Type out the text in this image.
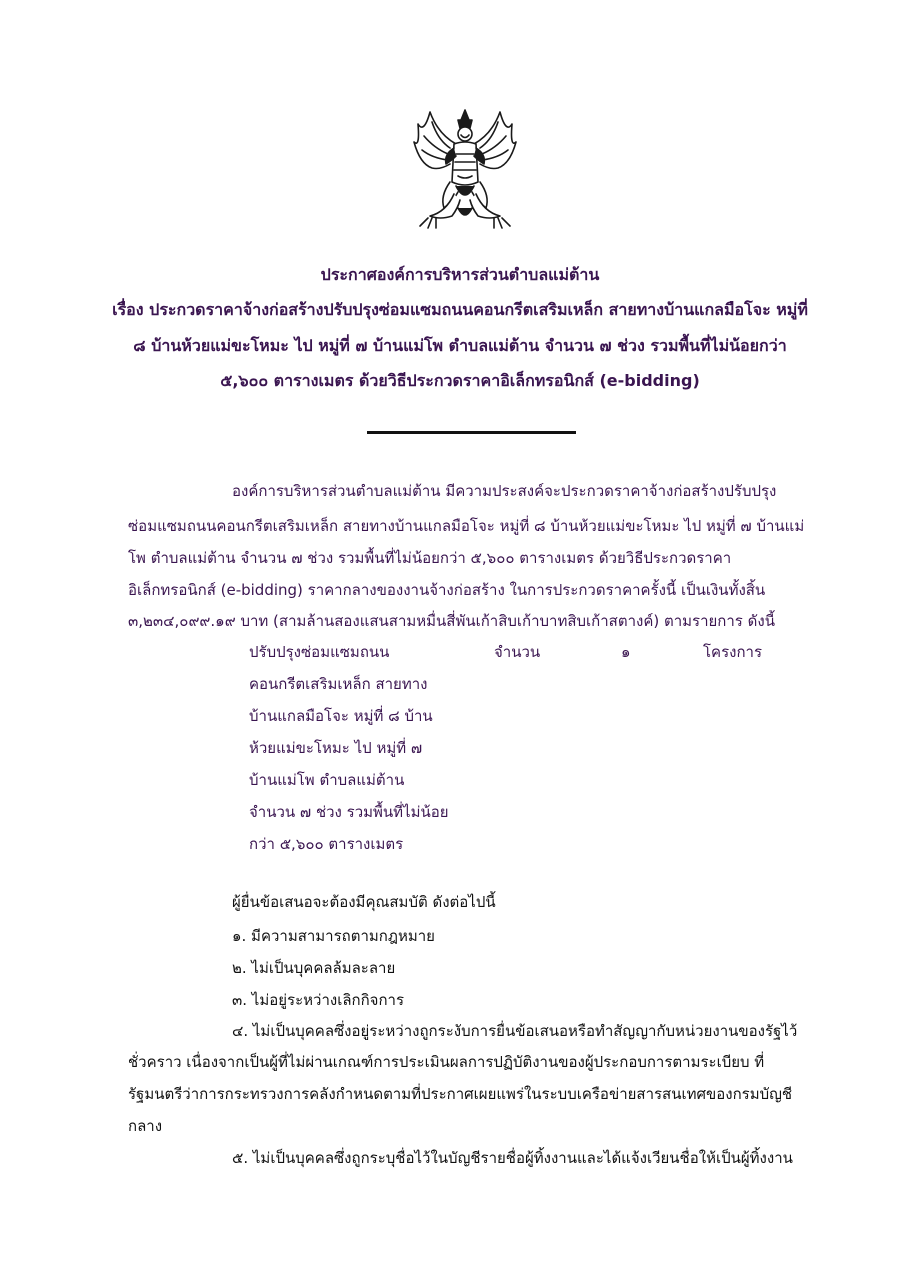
ประกาศองค์การบริหารส่วนตำบลแม่ต้าน
เรื่อง ประกวดราคาจ้างก่อสร้างปรับปรุงซ่อมแซมถนนคอนกรีตเสริมเหล็ก สายทางบ้านแกลมือโจะ หมู่ที่
๘ บ้านห้วยแม่ขะโหมะ ไป หมู่ที่ ๗ บ้านแม่โพ ตำบลแม่ต้าน จำนวน ๗ ช่วง รวมพื้นที่ไม่น้อยกว่า
๕,๖๐๐ ตารางเมตร ด้วยวิธีประกวดราคาอิเล็กทรอนิกส์ (e-bidding)
องค์การบริหารส่วนตำบลแม่ต้าน มีความประสงค์จะประกวดราคาจ้างก่อสร้างปรับปรุง
ซ่อมแซมถนนคอนกรีตเสริมเหล็ก สายทางบ้านแกลมือโจะ หมู่ที่ ๘ บ้านห้วยแม่ขะโหมะ ไป หมู่ที่ ๗ บ้านแม่
โพ ตำบลแม่ต้าน จำนวน ๗ ช่วง รวมพื้นที่ไม่น้อยกว่า ๕,๖๐๐ ตารางเมตร ด้วยวิธีประกวดราคา
อิเล็กทรอนิกส์ (e-bidding) ราคากลางของงานจ้างก่อสร้าง ในการประกวดราคาครั้งนี้ เป็นเงินทั้งสิ้น
๓,๒๓๔,๐๙๙.๑๙ บาท (สามล้านสองแสนสามหมื่นสี่พันเก้าสิบเก้าบาทสิบเก้าสตางค์) ตามรายการ ดังนี้
ปรับปรุงซ่อมแซมถนน	จำนวน	๑	โครงการ
คอนกรีตเสริมเหล็ก สายทาง
บ้านแกลมือโจะ หมู่ที่ ๘ บ้าน
ห้วยแม่ขะโหมะ ไป หมู่ที่ ๗
บ้านแม่โพ ตำบลแม่ต้าน
จำนวน ๗ ช่วง รวมพื้นที่ไม่น้อย
กว่า ๕,๖๐๐ ตารางเมตร
ผู้ยื่นข้อเสนอจะต้องมีคุณสมบัติ ดังต่อไปนี้
๑. มีความสามารถตามกฎหมาย
๒. ไม่เป็นบุคคลล้มละลาย
๓. ไม่อยู่ระหว่างเลิกกิจการ
๔. ไม่เป็นบุคคลซึ่งอยู่ระหว่างถูกระงับการยื่นข้อเสนอหรือทำสัญญากับหน่วยงานของรัฐไว้
ชั่วคราว เนื่องจากเป็นผู้ที่ไม่ผ่านเกณฑ์การประเมินผลการปฏิบัติงานของผู้ประกอบการตามระเบียบ ที่
รัฐมนตรีว่าการกระทรวงการคลังกำหนดตามที่ประกาศเผยแพร่ในระบบเครือข่ายสารสนเทศของกรมบัญชี
กลาง
๕. ไม่เป็นบุคคลซึ่งถูกระบุชื่อไว้ในบัญชีรายชื่อผู้ทิ้งงานและได้แจ้งเวียนชื่อให้เป็นผู้ทิ้งงาน
